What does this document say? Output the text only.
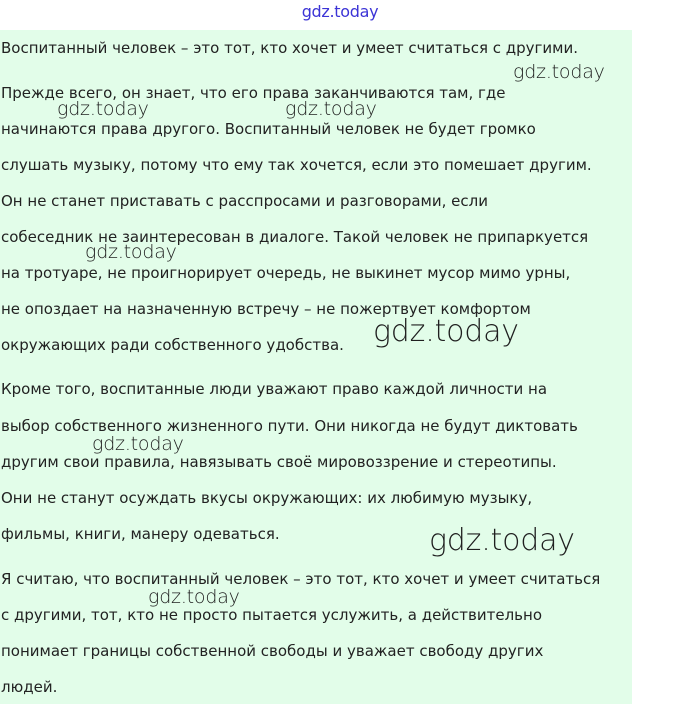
gdz.today
Воспитанный человек – это тот, кто хочет и умеет считаться с другими.
Прежде всего, он знает, что его права заканчиваются там, где
начинаются права другого. Воспитанный человек не будет громко
слушать музыку, потому что ему так хочется, если это помешает другим.
Он не станет приставать с расспросами и разговорами, если
собеседник не заинтересован в диалоге. Такой человек не припаркуется
на тротуаре, не проигнорирует очередь, не выкинет мусор мимо урны,
не опоздает на назначенную встречу – не пожертвует комфортом
окружающих ради собственного удобства.
Кроме того, воспитанные люди уважают право каждой личности на
выбор собственного жизненного пути. Они никогда не будут диктовать
другим свои правила, навязывать своё мировоззрение и стереотипы.
Они не станут осуждать вкусы окружающих: их любимую музыку,
фильмы, книги, манеру одеваться.
Я считаю, что воспитанный человек – это тот, кто хочет и умеет считаться
с другими, тот, кто не просто пытается услужить, а действительно
понимает границы собственной свободы и уважает свободу других
людей.
gdz.today
gdz.today	gdz.today
gdz.today
gdz.today
gdz.today
gdz.today
gdz.today
